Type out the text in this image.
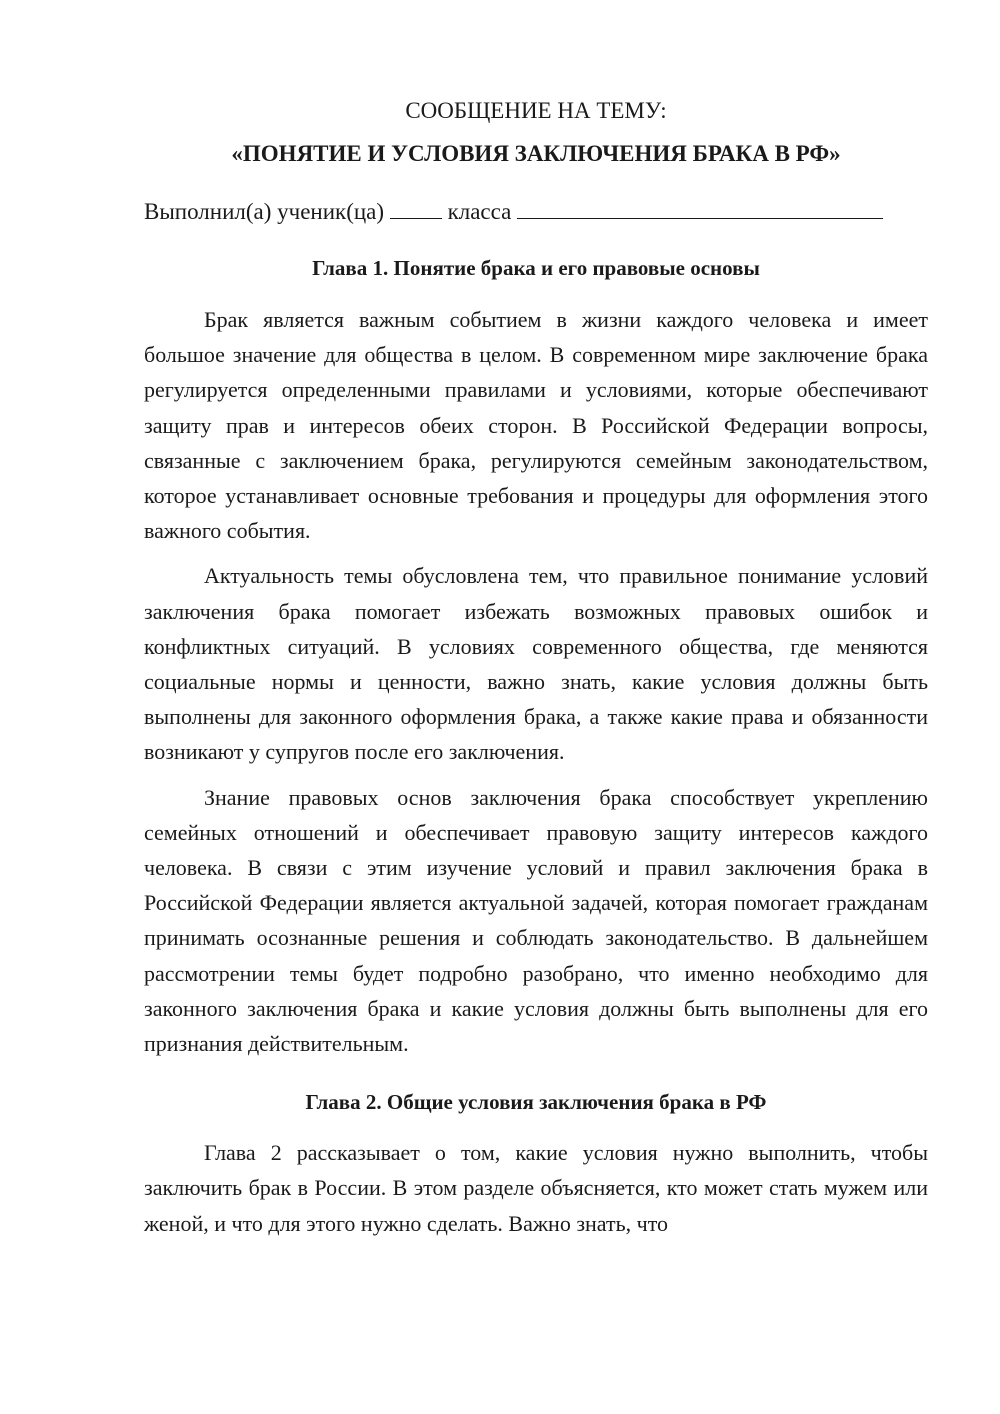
СООБЩЕНИЕ НА ТЕМУ:

«ПОНЯТИЕ И УСЛОВИЯ ЗАКЛЮЧЕНИЯ БРАКА В РФ»

Выполнил(а) ученик(ца)	класса
Глава 1. Понятие брака и его правовые основы

Брак является важным событием в жизни каждого человека и имеет большое значение для общества в целом. В современном мире заключение брака регулируется определенными правилами и условиями, которые обеспечивают защиту прав и интересов обеих сторон. В Российской Федерации вопросы, связанные с заключением брака, регулируются семейным законодательством, которое устанавливает основные требования и процедуры для оформления этого важного события.

Актуальность темы обусловлена тем, что правильное понимание условий заключения брака помогает избежать возможных правовых ошибок и конфликтных ситуаций. В условиях современного общества, где меняются социальные нормы и ценности, важно знать, какие условия должны быть выполнены для законного оформления брака, а также какие права и обязанности возникают у супругов после его заключения.

Знание правовых основ заключения брака способствует укреплению семейных отношений и обеспечивает правовую защиту интересов каждого человека. В связи с этим изучение условий и правил заключения брака в Российской Федерации является актуальной задачей, которая помогает гражданам принимать осознанные решения и соблюдать законодательство. В дальнейшем рассмотрении темы будет подробно разобрано, что именно необходимо для законного заключения брака и какие условия должны быть выполнены для его признания действительным.

Глава 2. Общие условия заключения брака в РФ

Глава 2 рассказывает о том, какие условия нужно выполнить, чтобы заключить брак в России. В этом разделе объясняется, кто может стать мужем или женой, и что для этого нужно сделать. Важно знать, что
